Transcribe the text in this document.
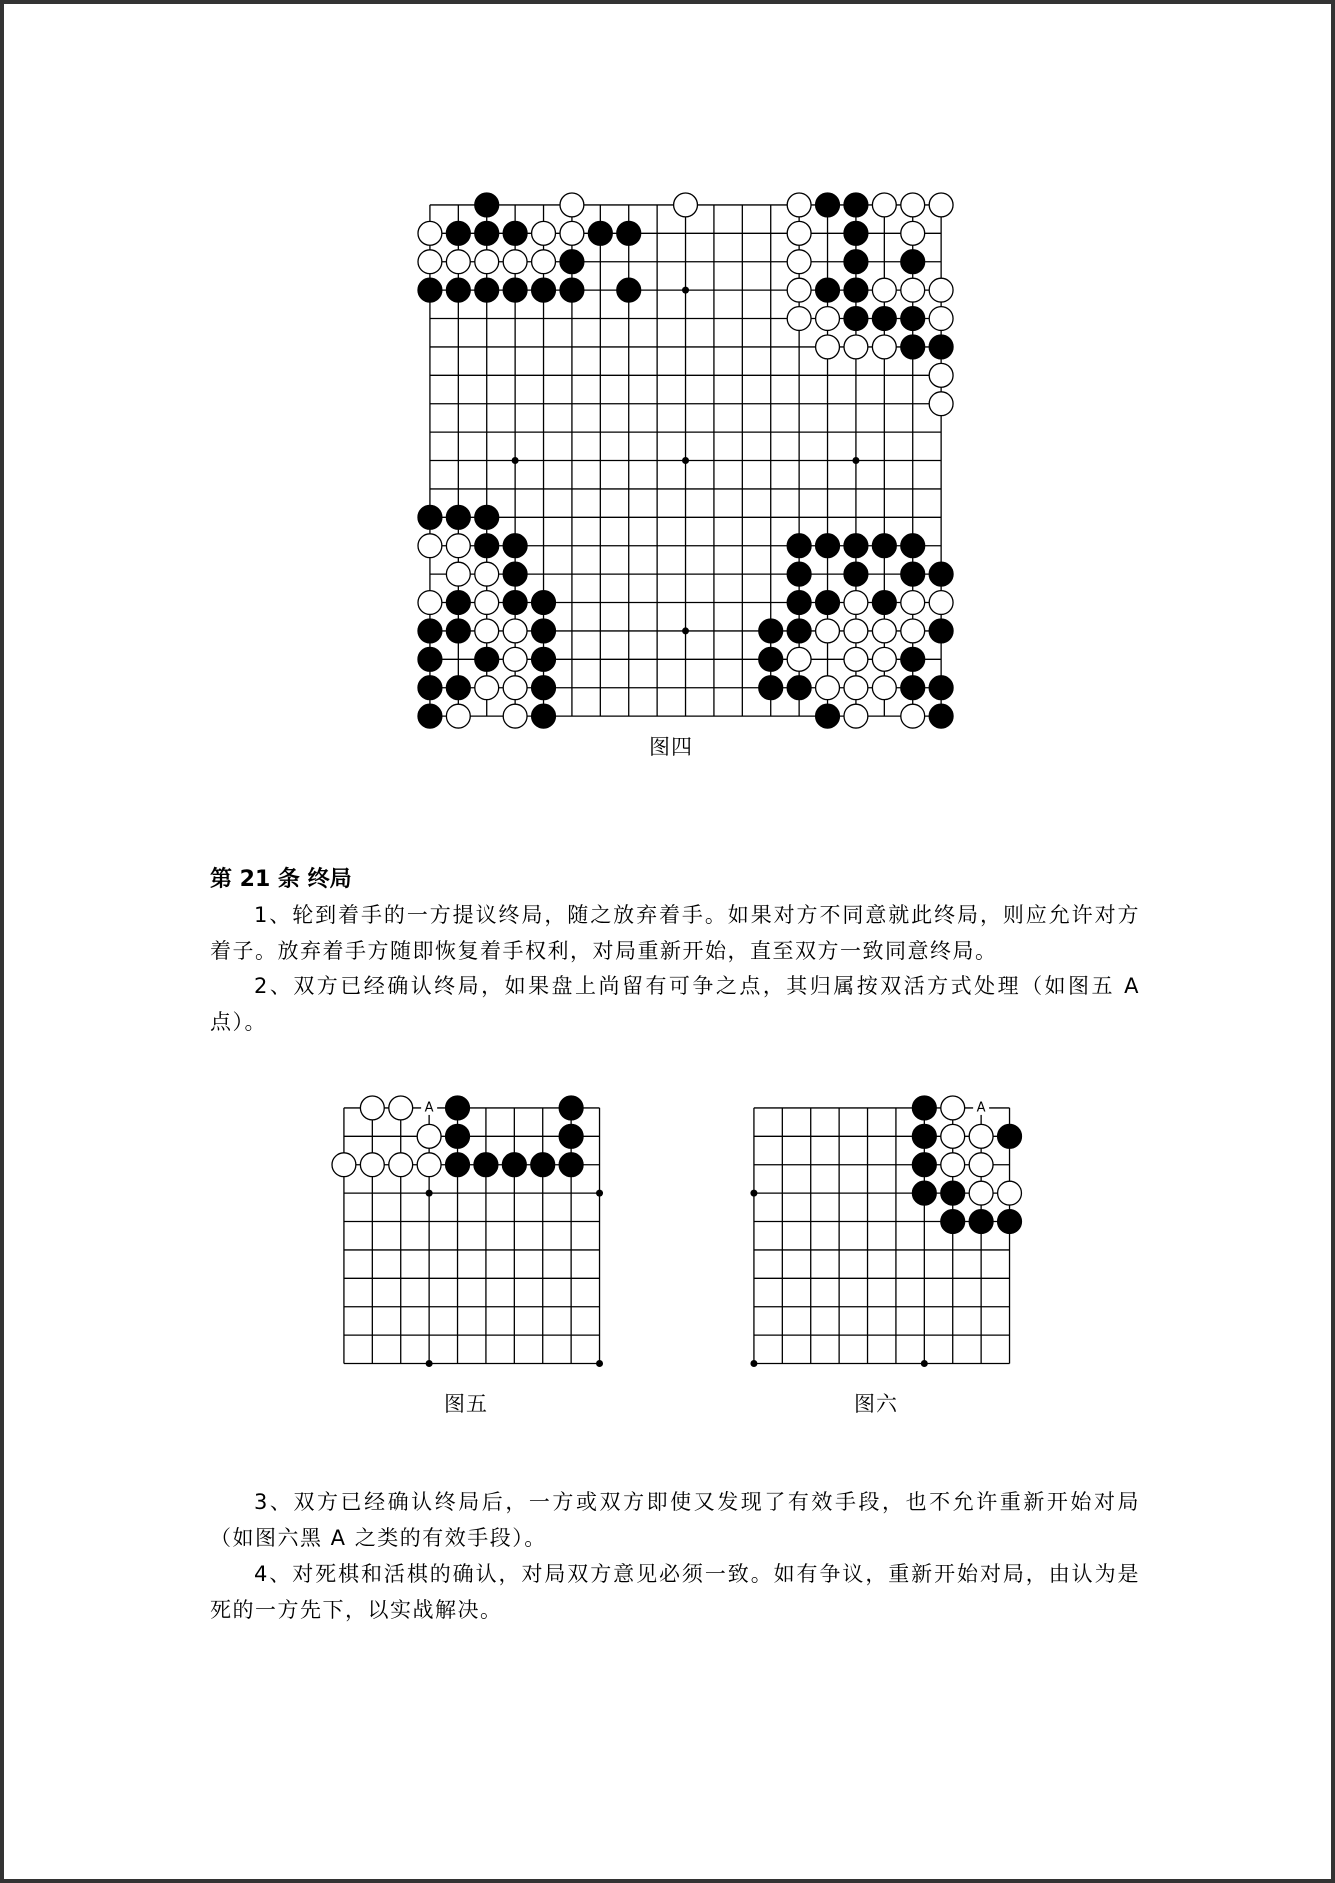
图四
第 21 条 终局

1、轮到着手的一方提议终局，随之放弃着手。如果对方不同意就此终局，则应允许对方着子。放弃着手方随即恢复着手权利，对局重新开始，直至双方一致同意终局。

2、双方已经确认终局，如果盘上尚留有可争之点，其归属按双活方式处理（如图五 A 点）。

A
图五
A
图六

3、双方已经确认终局后，一方或双方即使又发现了有效手段，也不允许重新开始对局（如图六黑 A 之类的有效手段）。

4、对死棋和活棋的确认，对局双方意见必须一致。如有争议，重新开始对局，由认为是死的一方先下，以实战解决。
